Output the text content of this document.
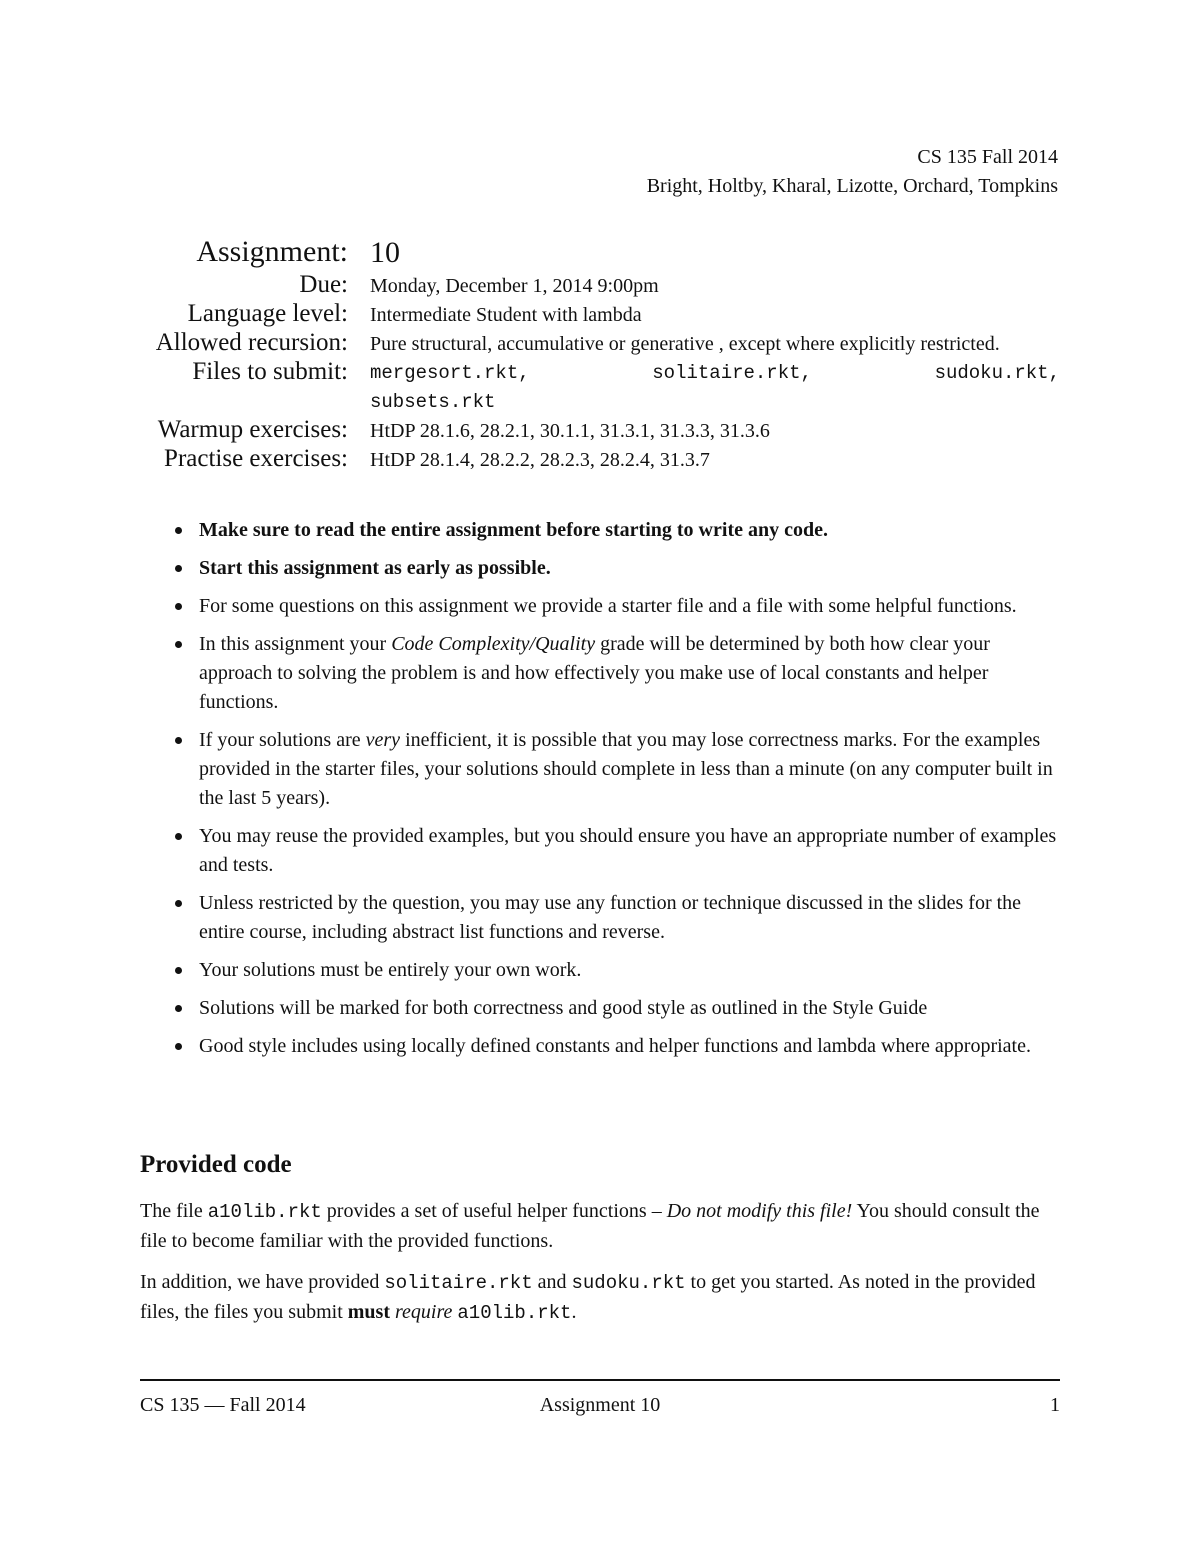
CS 135 Fall 2014
Bright, Holtby, Kharal, Lizotte, Orchard, Tompkins
Assignment: 10
Due:	Monday, December 1, 2014 9:00pm
Language level:	Intermediate Student with lambda
Allowed recursion:	Pure structural, accumulative or generative , except where explicitly restricted.
Files to submit:	mergesort.rkt,	solitaire.rkt,	sudoku.rkt,
subsets.rkt
Warmup exercises:	HtDP 28.1.6, 28.2.1, 30.1.1, 31.3.1, 31.3.3, 31.3.6
Practise exercises:	HtDP 28.1.4, 28.2.2, 28.2.3, 28.2.4, 31.3.7
Make sure to read the entire assignment before starting to write any code.
Start this assignment as early as possible.
For some questions on this assignment we provide a starter file and a file with some helpful functions.
In this assignment your Code Complexity/Quality grade will be determined by both how clear your approach to solving the problem is and how effectively you make use of local constants and helper functions.
If your solutions are very inefficient, it is possible that you may lose correctness marks. For the examples provided in the starter files, your solutions should complete in less than a minute (on any computer built in the last 5 years).
You may reuse the provided examples, but you should ensure you have an appropriate number of examples and tests.
Unless restricted by the question, you may use any function or technique discussed in the slides for the entire course, including abstract list functions and reverse.
Your solutions must be entirely your own work.
Solutions will be marked for both correctness and good style as outlined in the Style Guide
Good style includes using locally defined constants and helper functions and lambda where appropriate.
Provided code

The file a10lib.rkt provides a set of useful helper functions – Do not modify this file! You should consult the file to become familiar with the provided functions.

In addition, we have provided solitaire.rkt and sudoku.rkt to get you started. As noted in the provided files, the files you submit must require a10lib.rkt.

CS 135 — Fall 2014	Assignment 10	1
